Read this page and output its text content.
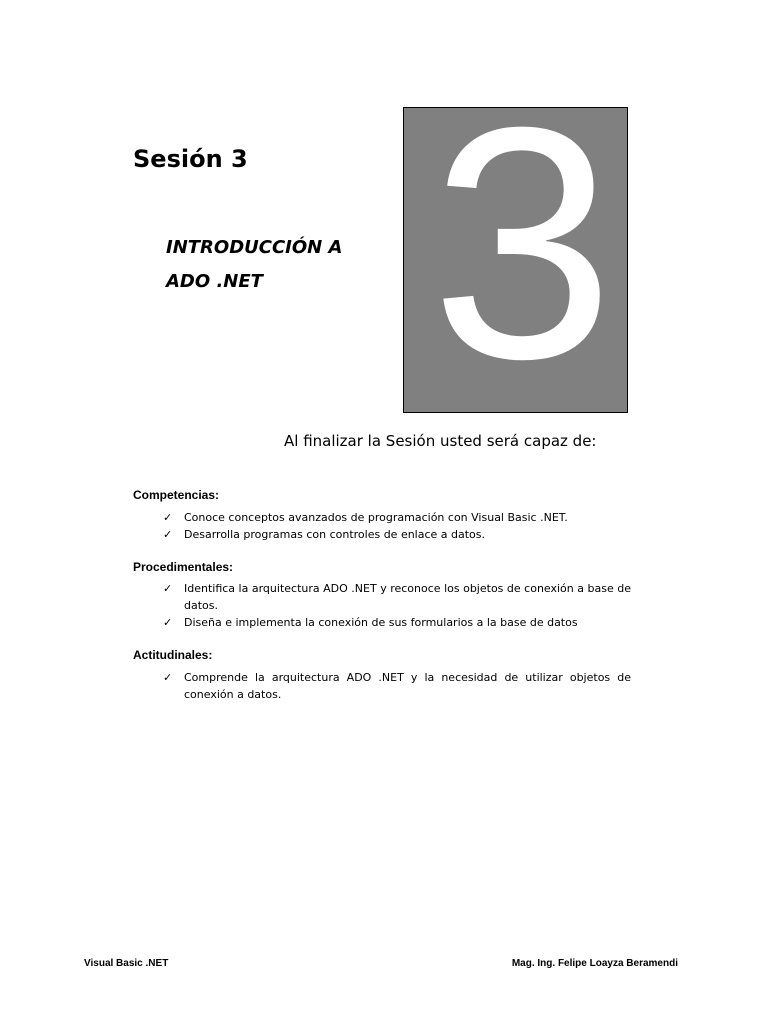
Sesión 3
INTRODUCCIÓN A
ADO .NET 3

Al finalizar la Sesión usted será capaz de:

Competencias:
✓ Conoce conceptos avanzados de programación con Visual Basic .NET.
✓ Desarrolla programas con controles de enlace a datos.
Procedimentales:
✓ Identifica la arquitectura ADO .NET y reconoce los objetos de conexión a base de datos.
✓ Diseña e implementa la conexión de sus formularios a la base de datos
Actitudinales:
✓ Comprende la arquitectura ADO .NET y la necesidad de utilizar objetos de conexión a datos.
Visual Basic .NET	Mag. Ing. Felipe Loayza Beramendi
